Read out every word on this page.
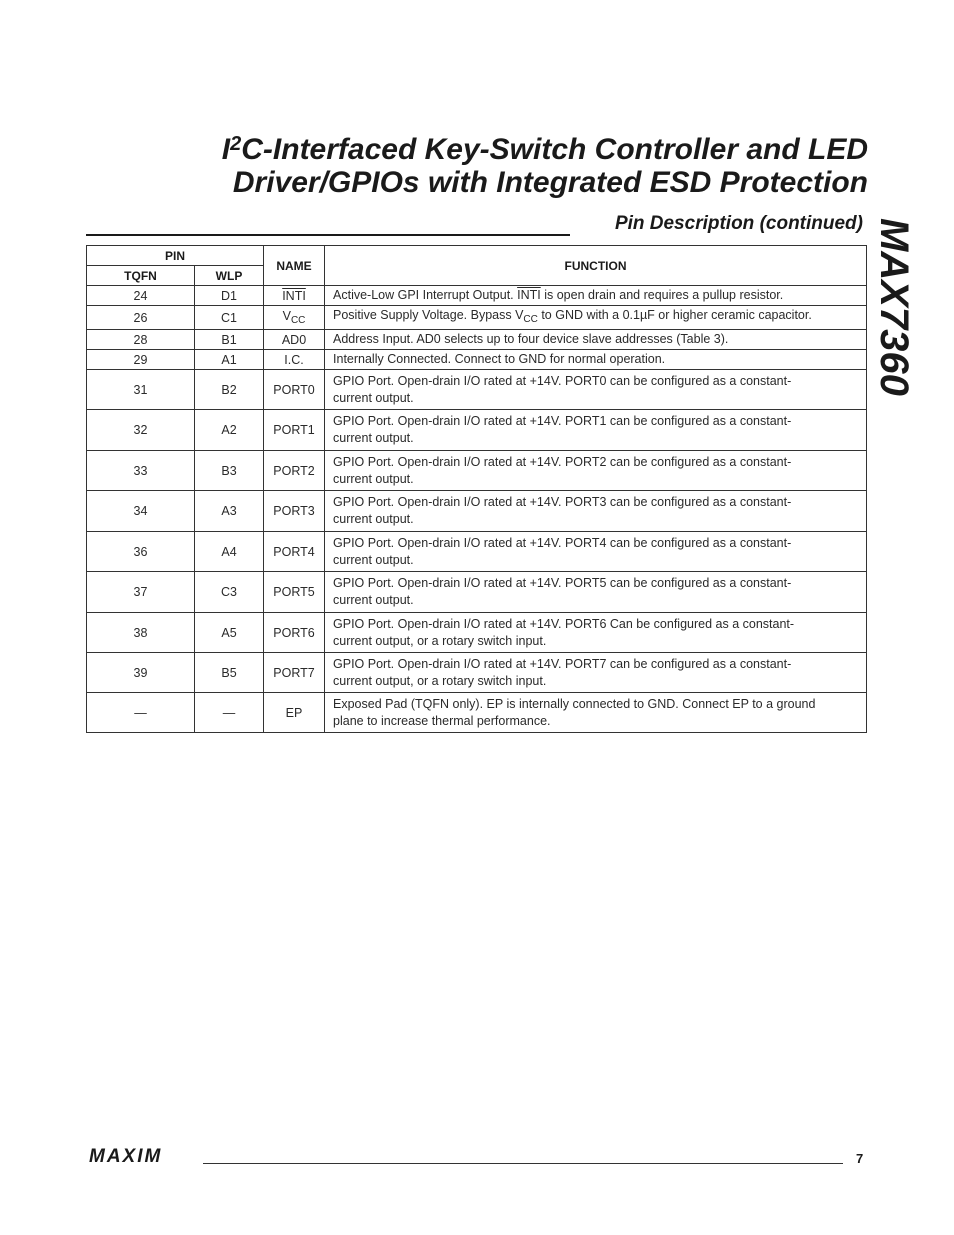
$I^2C$-Interfaced Key-Switch Controller and LED
Driver/GPIOs with Integrated ESD Protection
Pin Description (continued) MAX7360
PIN		NAME	FUNCTION
TQFN	WLP		
24	D1	INTI	Active-Low GPI Interrupt Output. INTI is open drain and requires a pullup resistor.
26	C1	$V_{CC}$	Positive Supply Voltage. Bypass $V_{CC}$ to GND with a 0.1µF or higher ceramic capacitor.
28	B1	AD0	Address Input. AD0 selects up to four device slave addresses (Table 3).
29	A1	I.C.	Internally Connected. Connect to GND for normal operation.
31	B2	PORT0	GPIO Port. Open-drain I/O rated at +14V. PORT0 can be configured as a constant-
current output.

32	A2	PORT1	GPIO Port. Open-drain I/O rated at +14V. PORT1 can be configured as a constant-
current output.

33	B3	PORT2	GPIO Port. Open-drain I/O rated at +14V. PORT2 can be configured as a constant-
current output.

34	A3	PORT3	GPIO Port. Open-drain I/O rated at +14V. PORT3 can be configured as a constant-
current output.

36	A4	PORT4	GPIO Port. Open-drain I/O rated at +14V. PORT4 can be configured as a constant-
current output.

37	C3	PORT5	GPIO Port. Open-drain I/O rated at +14V. PORT5 can be configured as a constant-
current output.

38	A5	PORT6	GPIO Port. Open-drain I/O rated at +14V. PORT6 Can be configured as a constant-
current output, or a rotary switch input.

39	B5	PORT7	GPIO Port. Open-drain I/O rated at +14V. PORT7 can be configured as a constant-
current output, or a rotary switch input.

—	—	EP	Exposed Pad (TQFN only). EP is internally connected to GND. Connect EP to a ground
plane to increase thermal performance.
MAXIM	7
